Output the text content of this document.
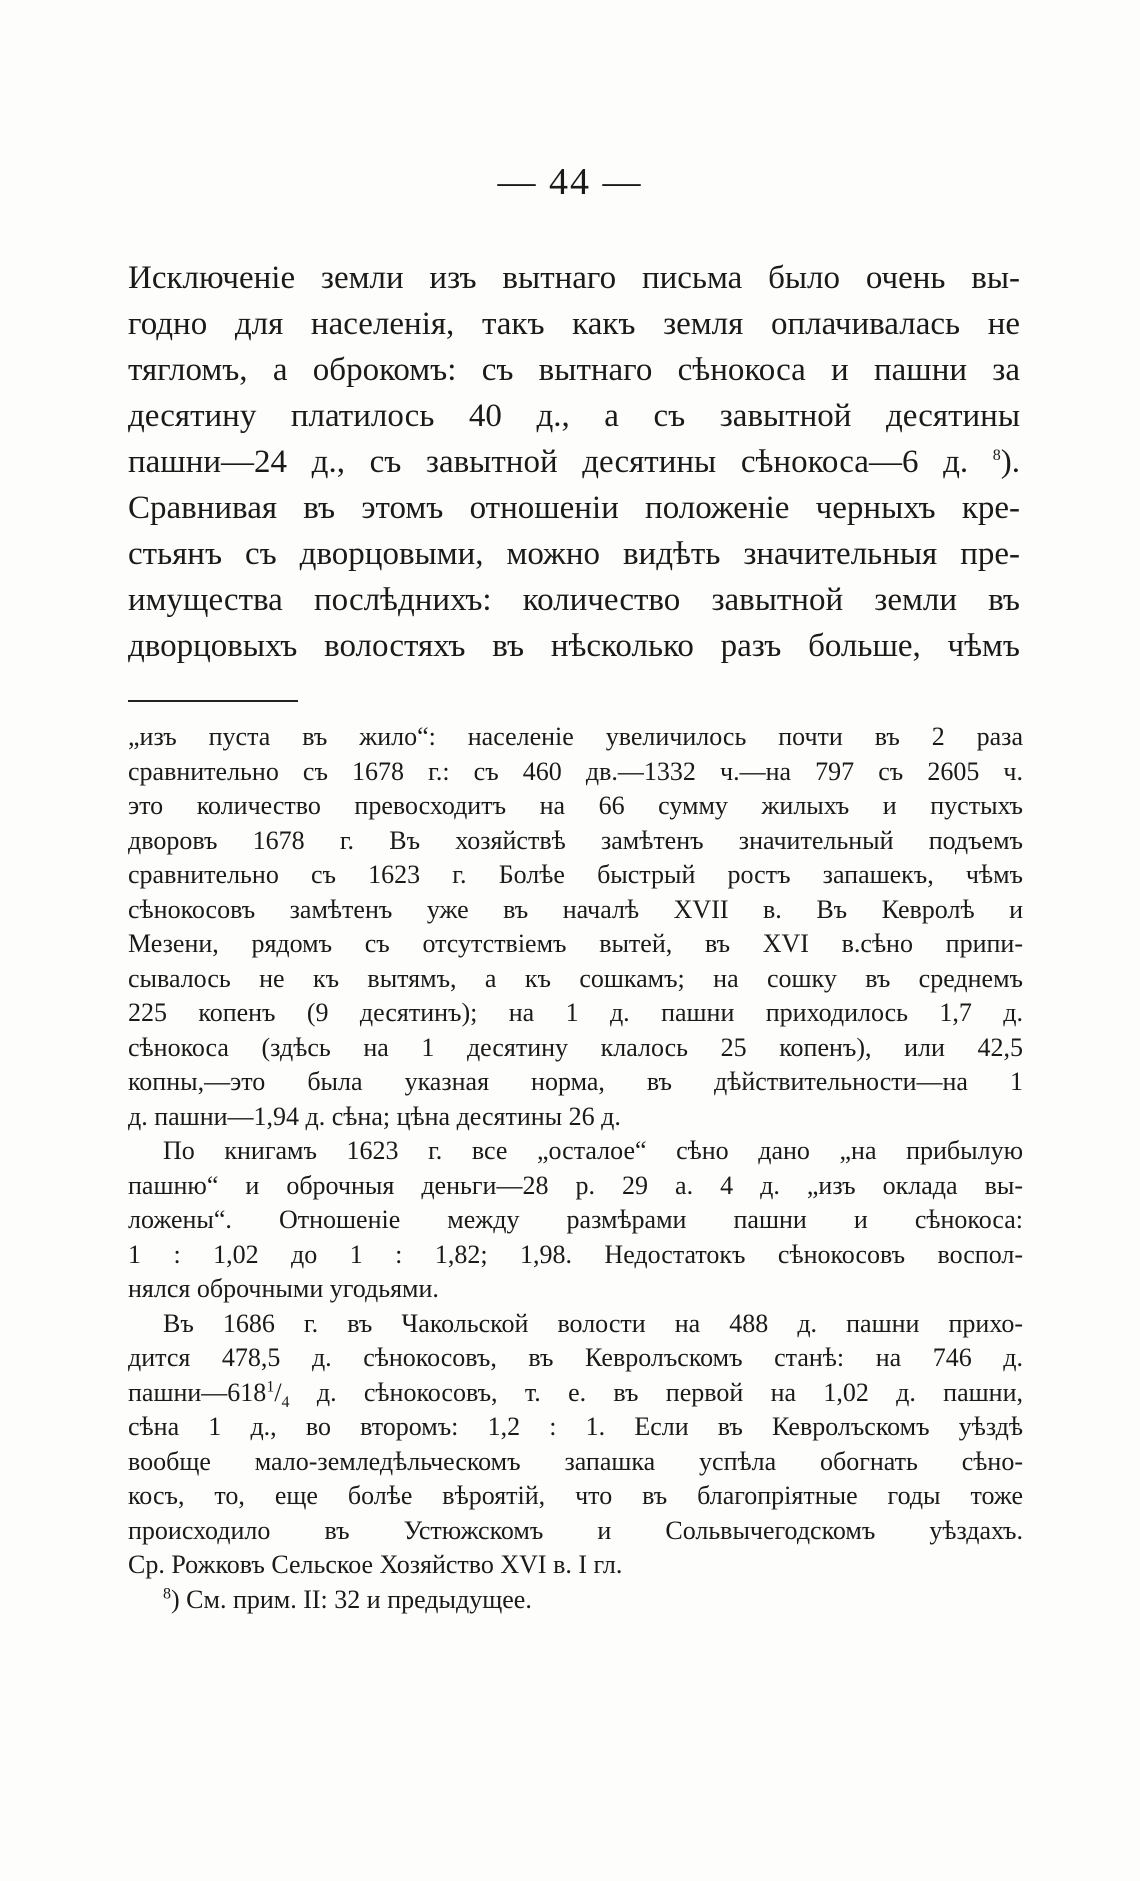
— 44 —
Исключеніе земли изъ вытнаго письма было очень вы-
годно для населенія, такъ какъ земля оплачивалась не
тягломъ, а оброкомъ: съ вытнаго сѣнокоса и пашни за
десятину платилось 40 д., а съ завытной десятины
пашни—24 д., съ завытной десятины сѣнокоса—6 д. $^8$).
Сравнивая въ этомъ отношеніи положеніе черныхъ кре-
стьянъ съ дворцовыми, можно видѣть значительныя пре-
имущества послѣднихъ: количество завытной земли въ
дворцовыхъ волостяхъ въ нѣсколько разъ больше, чѣмъ
„изъ пуста въ жило“: населеніе увеличилось почти въ 2 раза
сравнительно съ 1678 г.: съ 460 дв.—1332 ч.—на 797 съ 2605 ч.
это количество превосходитъ на 66 сумму жилыхъ и пустыхъ
дворовъ 1678 г. Въ хозяйствѣ замѣтенъ значительный подъемъ
сравнительно съ 1623 г. Болѣе быстрый ростъ запашекъ, чѣмъ
сѣнокосовъ замѣтенъ уже въ началѣ XVII в. Въ Кевролѣ и
Мезени, рядомъ съ отсутствіемъ вытей, въ XVI в.сѣно припи-
сывалось не къ вытямъ, а къ сошкамъ; на сошку въ среднемъ
225 копенъ (9 десятинъ); на 1 д. пашни приходилось 1,7 д.
сѣнокоса (здѣсь на 1 десятину клалось 25 копенъ), или 42,5
копны,—это была указная норма, въ дѣйствительности—на 1
д. пашни—1,94 д. сѣна; цѣна десятины 26 д.
По книгамъ 1623 г. все „осталое“ сѣно дано „на прибылую
пашню“ и оброчныя деньги—28 р. 29 а. 4 д. „изъ оклада вы-
ложены“. Отношеніе между размѣрами пашни и сѣнокоса:
1 : 1,02 до 1 : 1,82; 1,98. Недостатокъ сѣнокосовъ воспол-
нялся оброчными угодьями.
Въ 1686 г. въ Чакольской волости на 488 д. пашни прихо-
дится 478,5 д. сѣнокосовъ, въ Кевролъскомъ станѣ: на 746 д.
$пашни—618^1/_4$ д. сѣнокосовъ, т. е. въ первой на 1,02 д. пашни,
сѣна 1 д., во второмъ: 1,2 : 1. Если въ Кевролъскомъ уѣздѣ
вообще мало-земледѣльческомъ запашка успѣла обогнать сѣно-
косъ, то, еще болѣе вѣроятій, что въ благопріятные годы тоже
происходило въ Устюжскомъ и Сольвычегодскомъ уѣздахъ.
Ср. Рожковъ Сельское Хозяйство XVI в. I гл.
$^8$) См. прим. II: 32 и предыдущее.
